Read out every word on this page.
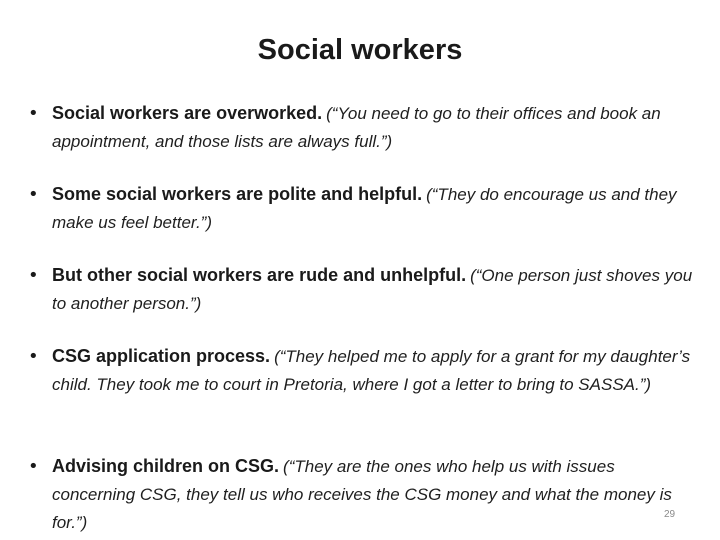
Social workers
• Social workers are overworked. (“You need to go to their offices and book an appointment, and those lists are always full.”)
• Some social workers are polite and helpful. (“They do encourage us and they make us feel better.”)
• But other social workers are rude and unhelpful. (“One person just shoves you to another person.”)
• CSG application process. (“They helped me to apply for a grant for my daughter’s child. They took me to court in Pretoria, where I got a letter to bring to SASSA.”)
• Advising children on CSG. (“They are the ones who help us with issues concerning CSG, they tell us who receives the CSG money and what the money is for.”)	29
